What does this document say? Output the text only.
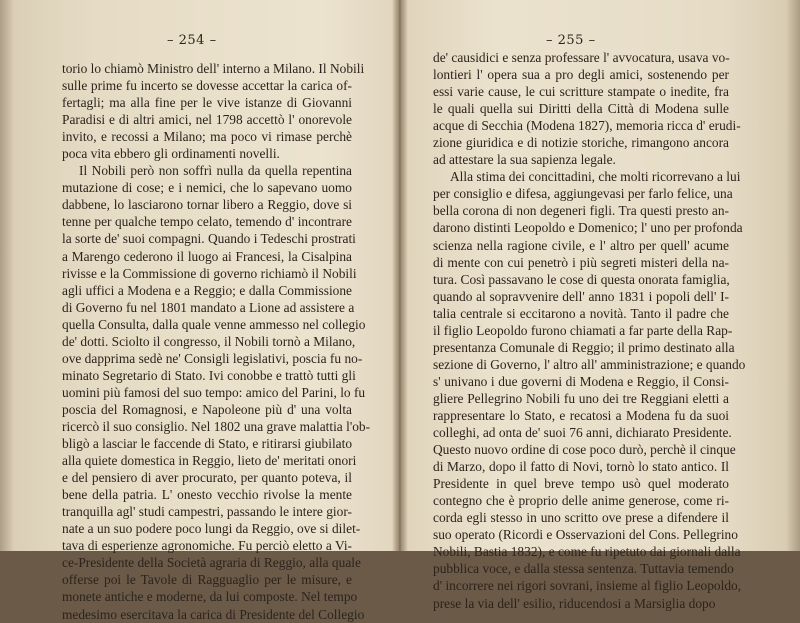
– 254 –
torio lo chiamò Ministro dell' interno a Milano. Il Nobili
sulle prime fu incerto se dovesse accettar la carica of-
fertagli; ma alla fine per le vive istanze di Giovanni
Paradisi e di altri amici, nel 1798 accettò l' onorevole
invito, e recossi a Milano; ma poco vi rimase perchè
poca vita ebbero gli ordinamenti novelli.
Il Nobili però non soffrì nulla da quella repentina
mutazione di cose; e i nemici, che lo sapevano uomo
dabbene, lo lasciarono tornar libero a Reggio, dove si
tenne per qualche tempo celato, temendo d' incontrare
la sorte de' suoi compagni. Quando i Tedeschi prostrati
a Marengo cederono il luogo ai Francesi, la Cisalpina
rivisse e la Commissione di governo richiamò il Nobili
agli uffici a Modena e a Reggio; e dalla Commissione
di Governo fu nel 1801 mandato a Lione ad assistere a
quella Consulta, dalla quale venne ammesso nel collegio
de' dotti. Sciolto il congresso, il Nobili tornò a Milano,
ove dapprima sedè ne' Consigli legislativi, poscia fu no-
minato Segretario di Stato. Ivi conobbe e trattò tutti gli
uomini più famosi del suo tempo: amico del Parini, lo fu
poscia del Romagnosi, e Napoleone più d' una volta
ricercò il suo consiglio. Nel 1802 una grave malattia l'ob-
bligò a lasciar le faccende di Stato, e ritirarsi giubilato
alla quiete domestica in Reggio, lieto de' meritati onori
e del pensiero di aver procurato, per quanto poteva, il
bene della patria. L' onesto vecchio rivolse la mente
tranquilla agl' studi campestri, passando le intere gior-
nate a un suo podere poco lungi da Reggio, ove si dilet-
tava di esperienze agronomiche. Fu perciò eletto a Vi-
ce-Presidente della Società agraria di Reggio, alla quale
offerse poi le Tavole di Ragguaglio per le misure, e
monete antiche e moderne, da lui composte. Nel tempo
medesimo esercitava la carica di Presidente del Collegio
– 255 –
de' causidici e senza professare l' avvocatura, usava vo-
lontieri l' opera sua a pro degli amici, sostenendo per
essi varie cause, le cui scritture stampate o inedite, fra
le quali quella sui Diritti della Città di Modena sulle
acque di Secchia (Modena 1827), memoria ricca d' erudi-
zione giuridica e di notizie storiche, rimangono ancora
ad attestare la sua sapienza legale.
Alla stima dei concittadini, che molti ricorrevano a lui
per consiglio e difesa, aggiungevasi per farlo felice, una
bella corona di non degeneri figli. Tra questi presto an-
darono distinti Leopoldo e Domenico; l' uno per profonda
scienza nella ragione civile, e l' altro per quell' acume
di mente con cui penetrò i più segreti misteri della na-
tura. Così passavano le cose di questa onorata famiglia,
quando al sopravvenire dell' anno 1831 i popoli dell' I-
talia centrale si eccitarono a novità. Tanto il padre che
il figlio Leopoldo furono chiamati a far parte della Rap-
presentanza Comunale di Reggio; il primo destinato alla
sezione di Governo, l' altro all' amministrazione; e quando
s' univano i due governi di Modena e Reggio, il Consi-
gliere Pellegrino Nobili fu uno dei tre Reggiani eletti a
rappresentare lo Stato, e recatosi a Modena fu da suoi
colleghi, ad onta de' suoi 76 anni, dichiarato Presidente.
Questo nuovo ordine di cose poco durò, perchè il cinque
di Marzo, dopo il fatto di Novi, tornò lo stato antico. Il
Presidente in quel breve tempo usò quel moderato
contegno che è proprio delle anime generose, come ri-
corda egli stesso in uno scritto ove prese a difendere il
suo operato (Ricordi e Osservazioni del Cons. Pellegrino
Nobili, Bastia 1832), e come fu ripetuto dai giornali dalla
pubblica voce, e dalla stessa sentenza. Tuttavia temendo
d' incorrere nei rigori sovrani, insieme al figlio Leopoldo,
prese la via dell' esilio, riducendosi a Marsiglia dopo
